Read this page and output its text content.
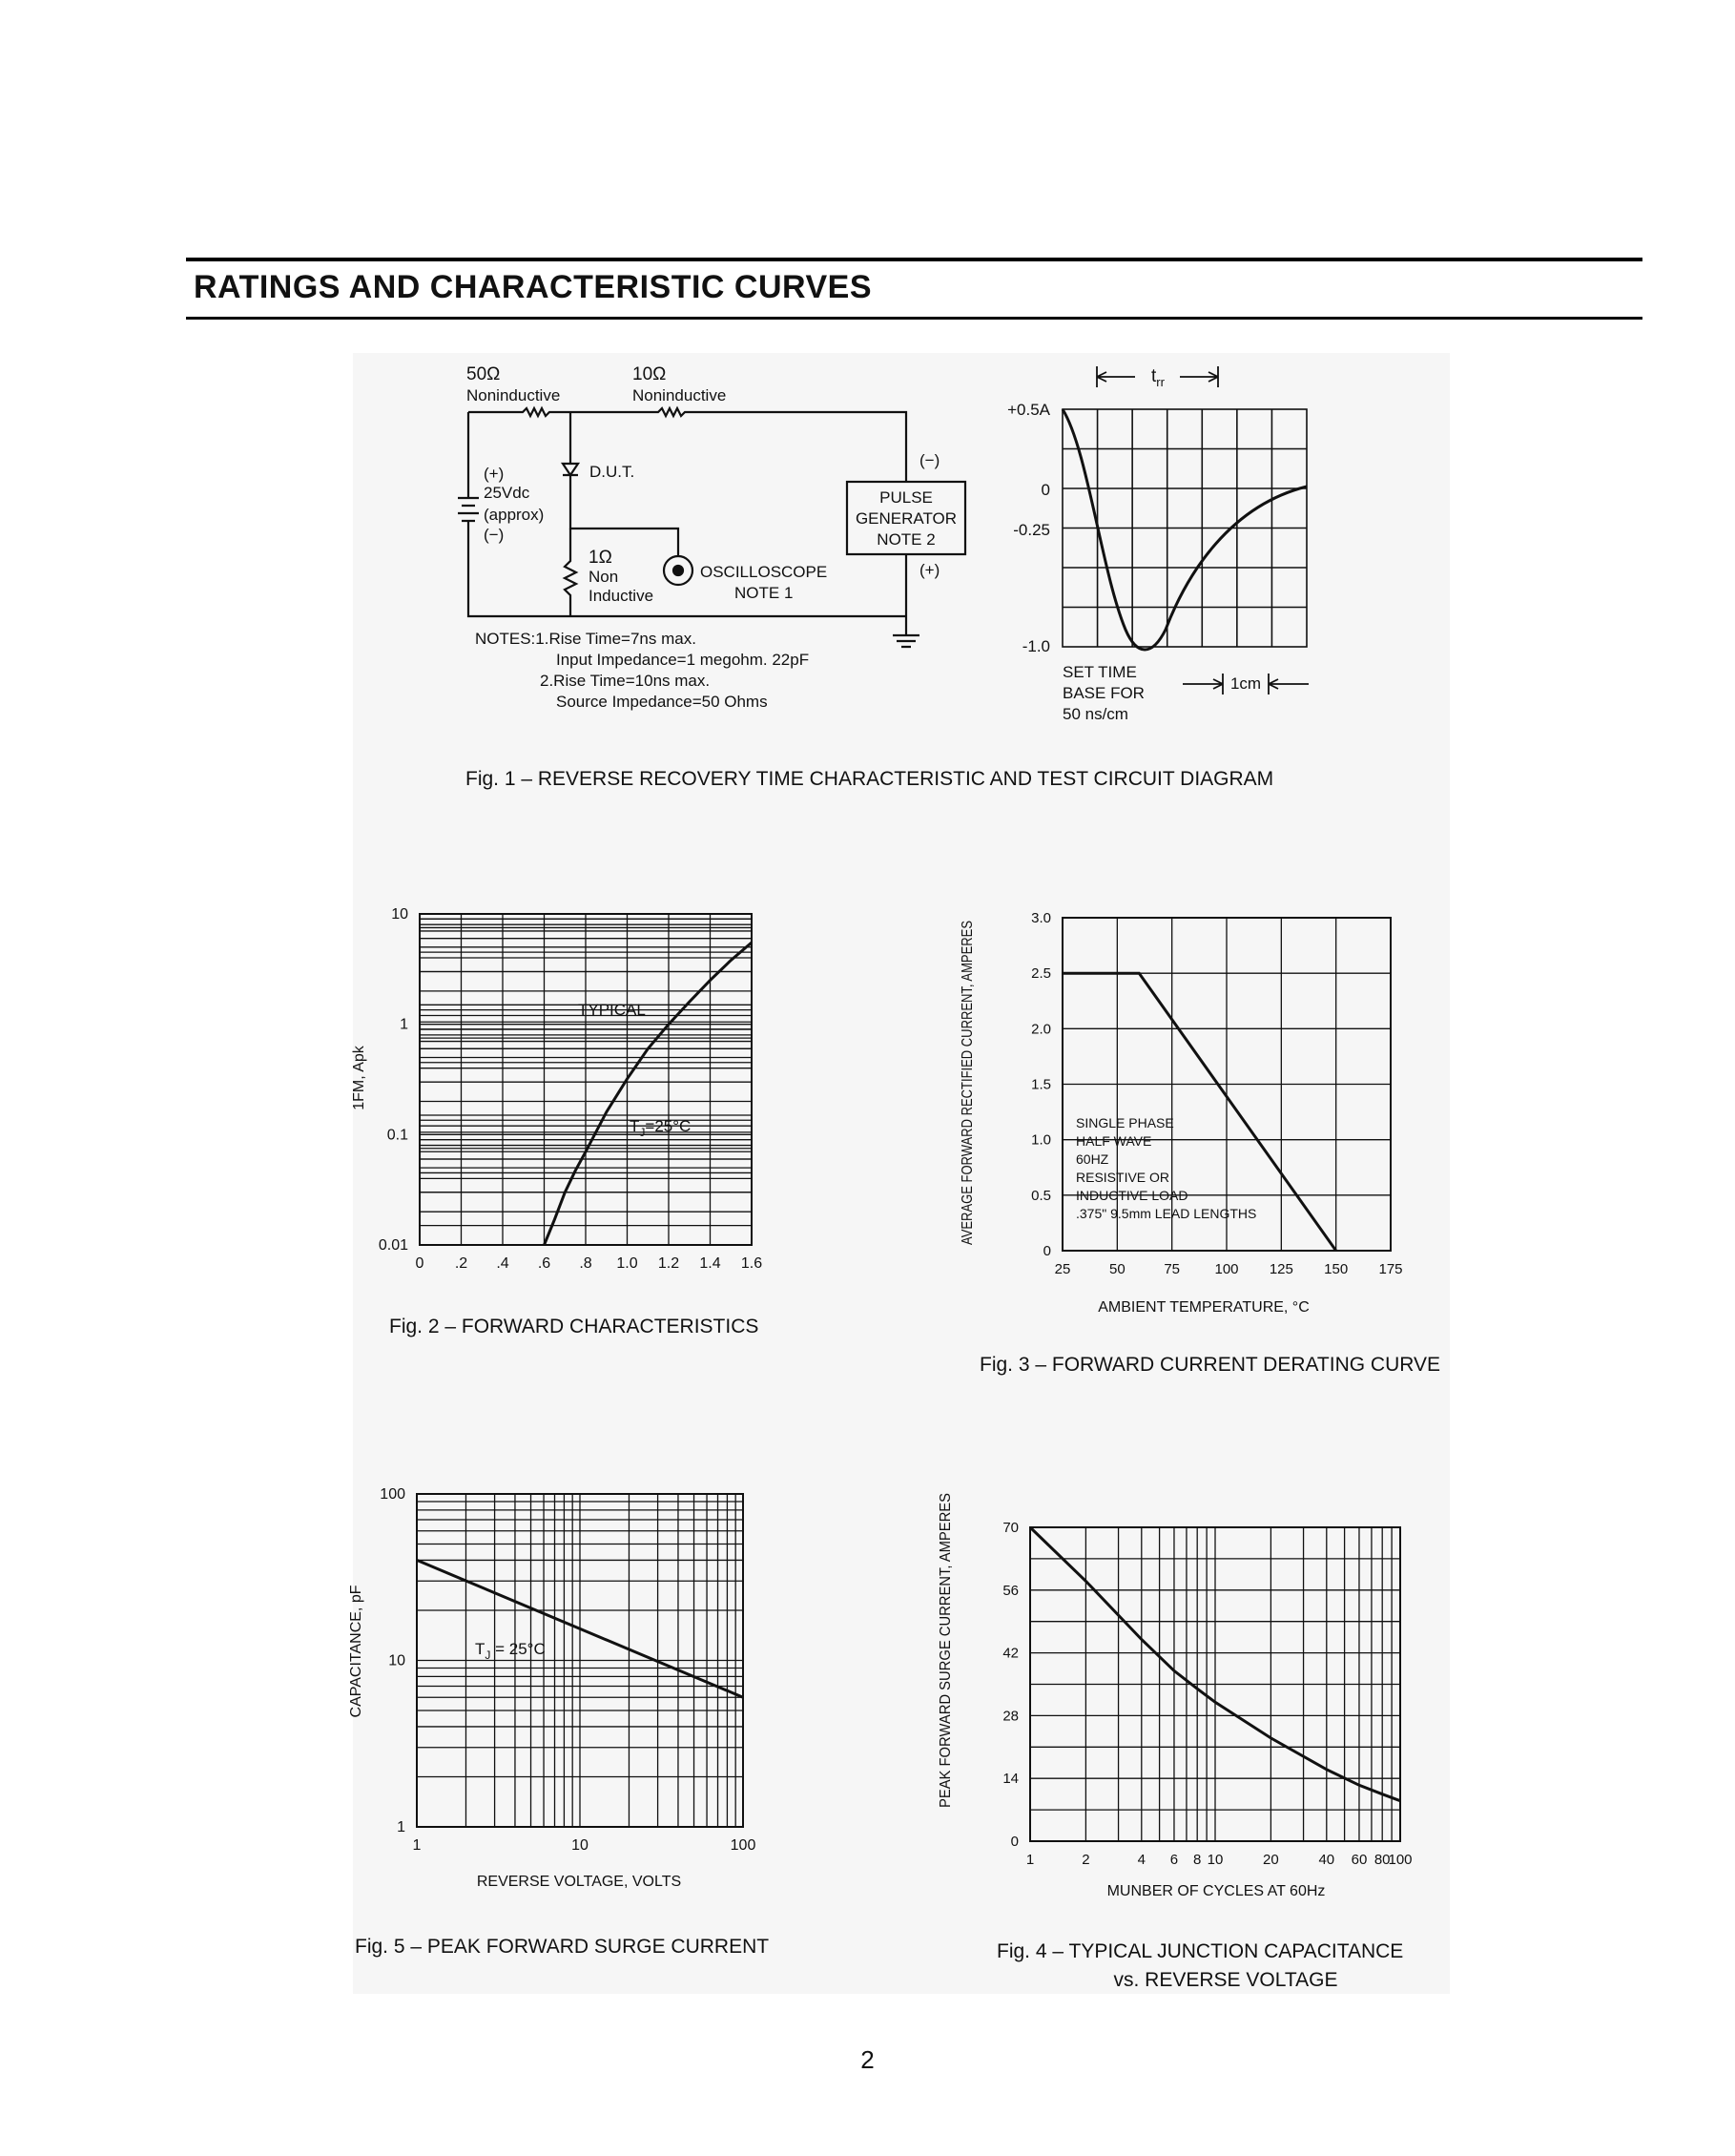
RATINGS AND CHARACTERISTIC CURVES
50Ω
Noninductive
10Ω
Noninductive
(+)
25Vdc
(approx)
(−)
D.U.T.
PULSE
GENERATOR
NOTE 2
(−)
(+)
1Ω
Non
Inductive
OSCILLOSCOPE
NOTE 1
NOTES:1.Rise Time=7ns max.
Input Impedance=1 megohm. 22pF
2.Rise Time=10ns max.
Source Impedance=50 Ohms
$t_{rr}$
+0.5A
0
-0.25
-1.0
SET TIME
BASE FOR
50 ns/cm
1cm
Fig. 1 – REVERSE RECOVERY TIME CHARACTERISTIC AND TEST CIRCUIT DIAGRAM
0 .2 .4 .6 .8 1.0 1.2 1.4 1.6
10
1
0.1
0.01
1FM, Apk
TYPICAL
$T_J=25^\circ C$
Fig. 2 – FORWARD CHARACTERISTICS
25	50	75 100 125 150 175
3.0
2.5
2.0
1.5
1.0
0.5
0
AVERAGE FORWARD RECTIFIED CURRENT, AMPERES
AMBIENT TEMPERATURE, °C
SINGLE PHASE
HALF WAVE
60HZ
RESISTIVE OR
INDUCTIVE LOAD
.375" 9.5mm LEAD LENGTHS
Fig. 3 – FORWARD CURRENT DERATING CURVE
1	10	100
100
10
1
CAPACITANCE, pF
REVERSE VOLTAGE, VOLTS
$T_J = 25^\circ C$
Fig. 5 – PEAK FORWARD SURGE CURRENT
1	2	4 6 8 10	20	40 60 80
100
70
56
42
28
14
0
PEAK FORWARD SURGE CURRENT, AMPERES
MUNBER OF CYCLES AT 60Hz
Fig. 4 – TYPICAL JUNCTION CAPACITANCE
vs. REVERSE VOLTAGE

2
